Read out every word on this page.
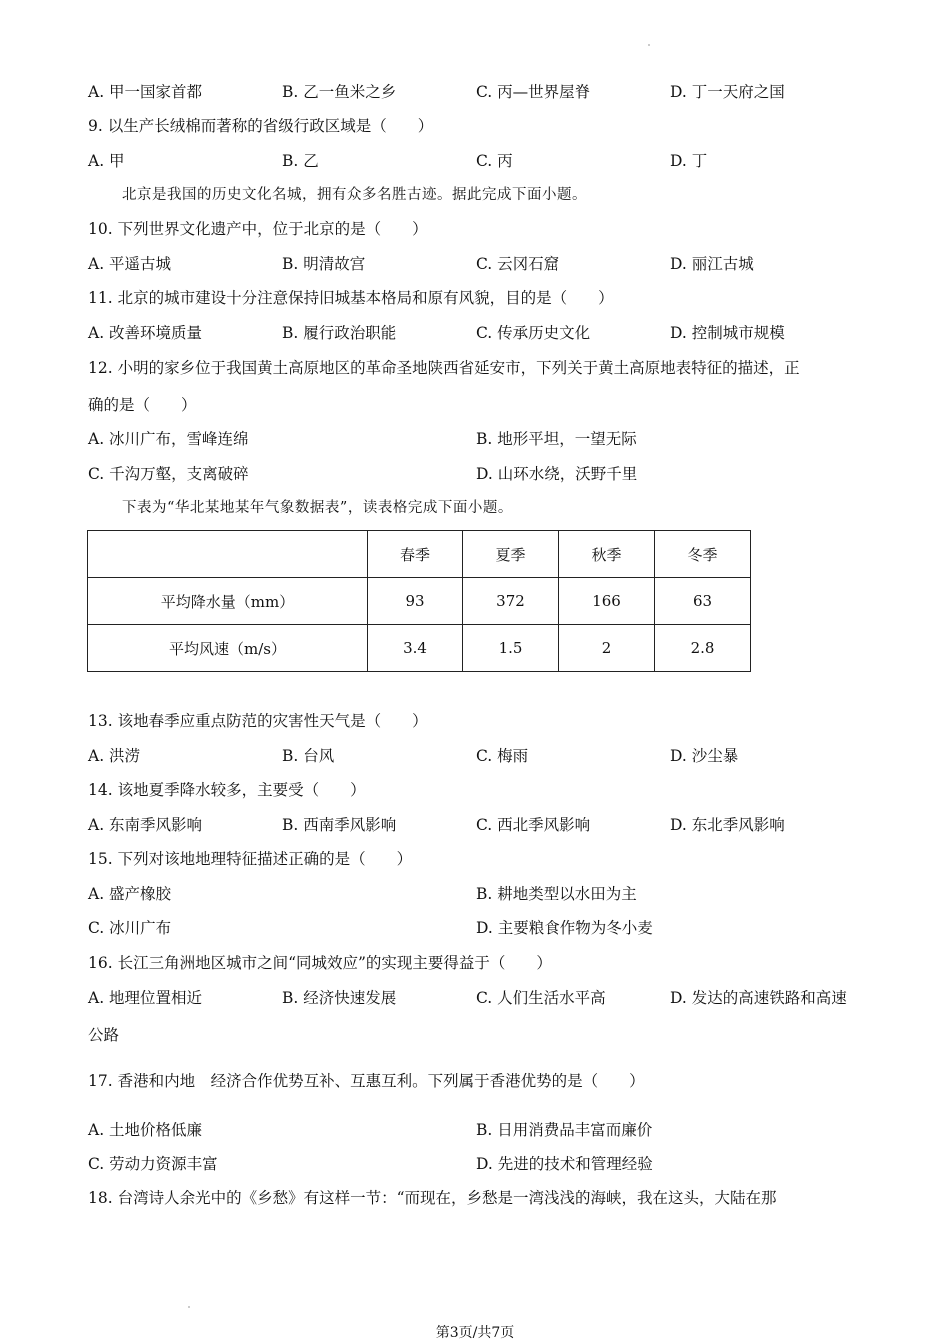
A. 甲一国家首都	B. 乙一鱼米之乡	C. 丙—世界屋脊	D. 丁一天府之国
9. 以生产长绒棉而著称的省级行政区域是（　　）
A. 甲	B. 乙	C. 丙	D. 丁
北京是我国的历史文化名城，拥有众多名胜古迹。据此完成下面小题。
10. 下列世界文化遗产中，位于北京的是（　　）
A. 平遥古城	B. 明清故宫	C. 云冈石窟	D. 丽江古城
11. 北京的城市建设十分注意保持旧城基本格局和原有风貌，目的是（　　）
A. 改善环境质量	B. 履行政治职能	C. 传承历史文化	D. 控制城市规模
12. 小明的家乡位于我国黄土高原地区的革命圣地陕西省延安市，下列关于黄土高原地表特征的描述，正
确的是（　　）
A. 冰川广布，雪峰连绵	B. 地形平坦，一望无际
C. 千沟万壑，支离破碎	D. 山环水绕，沃野千里
下表为“华北某地某年气象数据表”，读表格完成下面小题。
	春季	夏季	秋季	冬季
平均降水量（mm）	93	372	166	63
平均风速（m/s）	3.4	1.5	2	2.8
13. 该地春季应重点防范的灾害性天气是（　　）
A. 洪涝	B. 台风	C. 梅雨	D. 沙尘暴
14. 该地夏季降水较多，主要受（　　）
A. 东南季风影响	B. 西南季风影响	C. 西北季风影响	D. 东北季风影响
15. 下列对该地地理特征描述正确的是（　　）
A. 盛产橡胶	B. 耕地类型以水田为主
C. 冰川广布	D. 主要粮食作物为冬小麦
16. 长江三角洲地区城市之间“同城效应”的实现主要得益于（　　）
A. 地理位置相近	B. 经济快速发展	C. 人们生活水平高	D. 发达的高速铁路和高速
公路
17. 香港和内地　经济合作优势互补、互惠互利。下列属于香港优势的是（　　）
A. 土地价格低廉	B. 日用消费品丰富而廉价
C. 劳动力资源丰富	D. 先进的技术和管理经验
18. 台湾诗人余光中的《乡愁》有这样一节：“而现在，乡愁是一湾浅浅的海峡，我在这头，大陆在那
第3页/共7页
